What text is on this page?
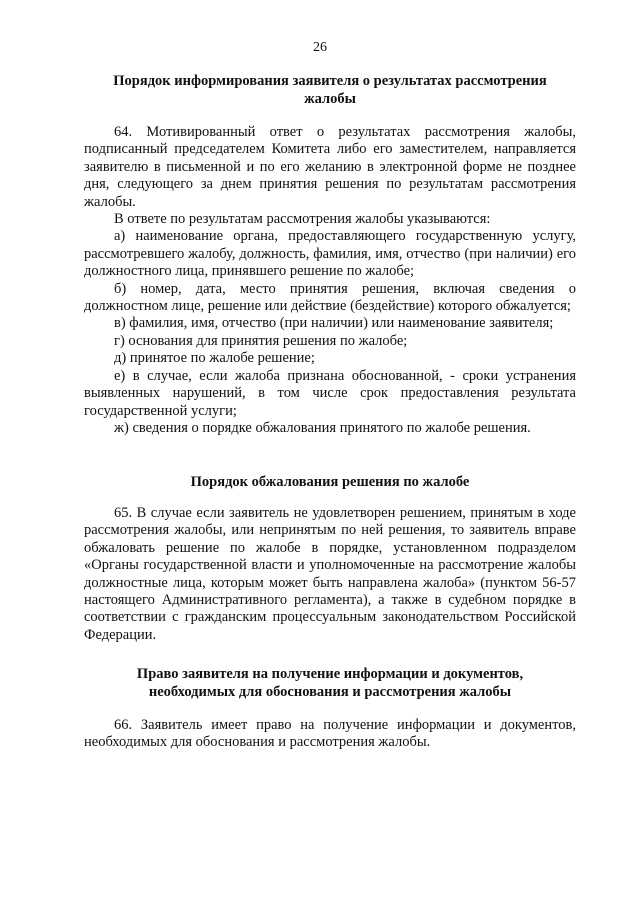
26
Порядок информирования заявителя о результатах рассмотрения
жалобы

64. Мотивированный ответ о результатах рассмотрения жалобы, подписанный председателем Комитета либо его заместителем, направляется заявителю в письменной и по его желанию в электронной форме не позднее дня, следующего за днем принятия решения по результатам рассмотрения жалобы.

В ответе по результатам рассмотрения жалобы указываются:

а) наименование органа, предоставляющего государственную услугу, рассмотревшего жалобу, должность, фамилия, имя, отчество (при наличии) его должностного лица, принявшего решение по жалобе;

б) номер, дата, место принятия решения, включая сведения о должностном лице, решение или действие (бездействие) которого обжалуется;

в) фамилия, имя, отчество (при наличии) или наименование заявителя;

г) основания для принятия решения по жалобе;

д) принятое по жалобе решение;

е) в случае, если жалоба признана обоснованной, - сроки устранения выявленных нарушений, в том числе срок предоставления результата государственной услуги;

ж) сведения о порядке обжалования принятого по жалобе решения.

Порядок обжалования решения по жалобе

65. В случае если заявитель не удовлетворен решением, принятым в ходе рассмотрения жалобы, или непринятым по ней решения, то заявитель вправе обжаловать решение по жалобе в порядке, установленном подразделом «Органы государственной власти и уполномоченные на рассмотрение жалобы должностные лица, которым может быть направлена жалоба» (пунктом 56-57 настоящего Административного регламента), а также в судебном порядке в соответствии с гражданским процессуальным законодательством Российской Федерации.

Право заявителя на получение информации и документов,
необходимых для обоснования и рассмотрения жалобы

66. Заявитель имеет право на получение информации и документов, необходимых для обоснования и рассмотрения жалобы.
